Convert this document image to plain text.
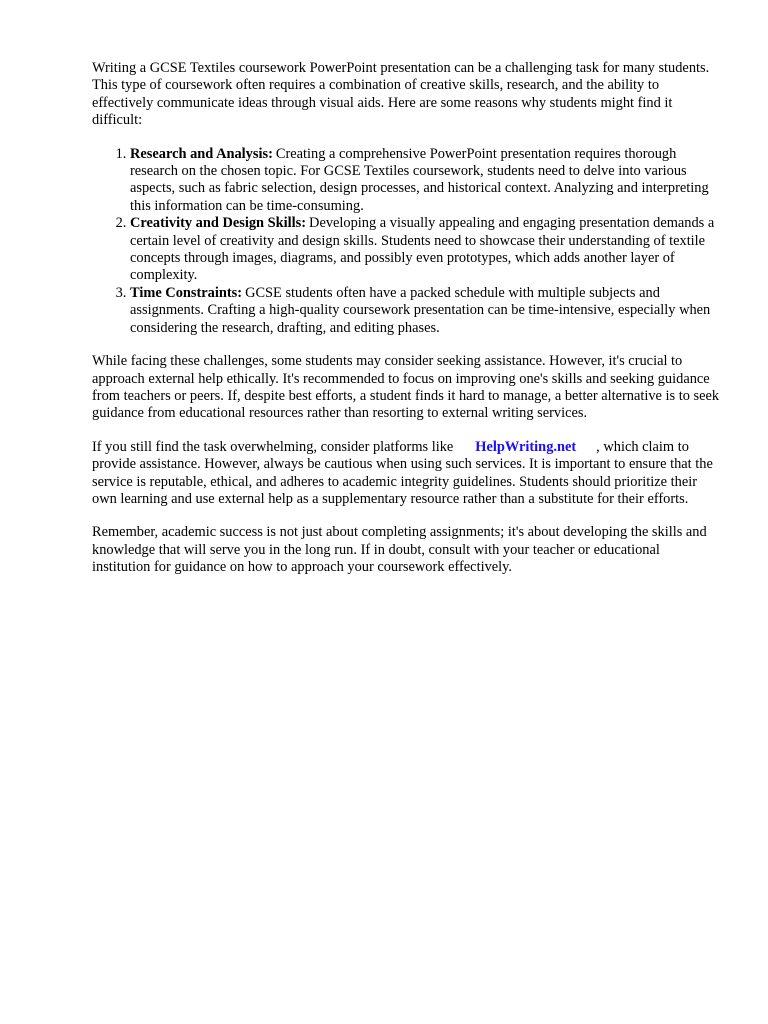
Writing a GCSE Textiles coursework PowerPoint presentation can be a challenging task for many students. This type of coursework often requires a combination of creative skills, research, and the ability to effectively communicate ideas through visual aids. Here are some reasons why students might find it difficult:

1. Research and Analysis: Creating a comprehensive PowerPoint presentation requires thorough research on the chosen topic. For GCSE Textiles coursework, students need to delve into various aspects, such as fabric selection, design processes, and historical context. Analyzing and interpreting this information can be time-consuming.
2. Creativity and Design Skills: Developing a visually appealing and engaging presentation demands a certain level of creativity and design skills. Students need to showcase their understanding of textile concepts through images, diagrams, and possibly even prototypes, which adds another layer of complexity.
3. Time Constraints: GCSE students often have a packed schedule with multiple subjects and assignments. Crafting a high-quality coursework presentation can be time-intensive, especially when considering the research, drafting, and editing phases.

While facing these challenges, some students may consider seeking assistance. However, it's crucial to approach external help ethically. It's recommended to focus on improving one's skills and seeking guidance from teachers or peers. If, despite best efforts, a student finds it hard to manage, a better alternative is to seek guidance from educational resources rather than resorting to external writing services.

If you still find the task overwhelming, consider platforms like HelpWriting.net , which claim to provide assistance. However, always be cautious when using such services. It is important to ensure that the service is reputable, ethical, and adheres to academic integrity guidelines. Students should prioritize their own learning and use external help as a supplementary resource rather than a substitute for their efforts.

Remember, academic success is not just about completing assignments; it's about developing the skills and knowledge that will serve you in the long run. If in doubt, consult with your teacher or educational institution for guidance on how to approach your coursework effectively.
